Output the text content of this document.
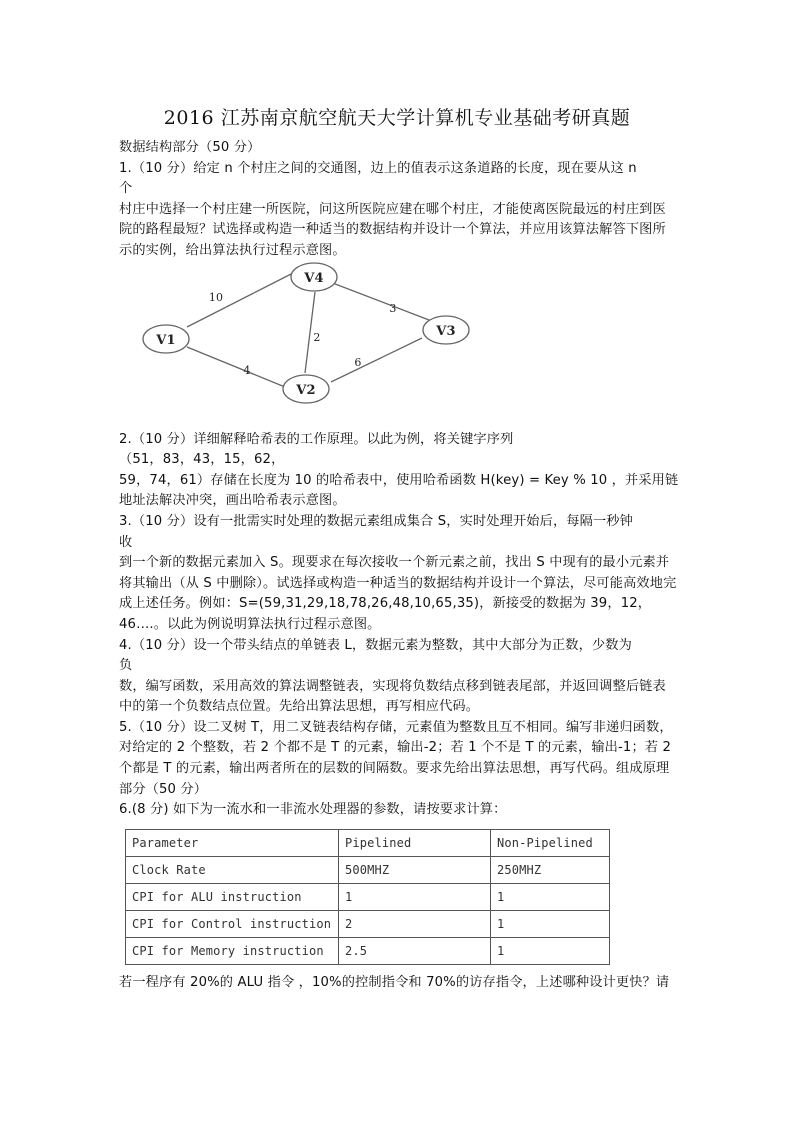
2016 江苏南京航空航天大学计算机专业基础考研真题

数据结构部分（50 分）

1.（10 分）给定 n 个村庄之间的交通图，边上的值表示这条道路的长度，现在要从这 n

个

村庄中选择一个村庄建一所医院，问这所医院应建在哪个村庄，才能使离医院最远的村庄到医院的路程最短？试选择或构造一种适当的数据结构并设计一个算法，并应用该算法解答下图所示的实例，给出算法执行过程示意图。

V4
V1
V3
V2
10
3
2
4
6

2.（10 分）详细解释哈希表的工作原理。以此为例，将关键字序列

（51，83，43，15，62，

59，74，61）存储在长度为 10 的哈希表中，使用哈希函数 H(key) = Key % 10 ，并采用链地址法解决冲突，画出哈希表示意图。

3.（10 分）设有一批需实时处理的数据元素组成集合 S，实时处理开始后，每隔一秒钟

收

到一个新的数据元素加入 S。现要求在每次接收一个新元素之前，找出 S 中现有的最小元素并将其输出（从 S 中删除）。试选择或构造一种适当的数据结构并设计一个算法，尽可能高效地完成上述任务。例如：S=(59,31,29,18,78,26,48,10,65,35)，新接受的数据为 39，12，46….。以此为例说明算法执行过程示意图。

4.（10 分）设一个带头结点的单链表 L，数据元素为整数，其中大部分为正数，少数为

负

数，编写函数，采用高效的算法调整链表，实现将负数结点移到链表尾部，并返回调整后链表中的第一个负数结点位置。先给出算法思想，再写相应代码。

5.（10 分）设二叉树 T，用二叉链表结构存储，元素值为整数且互不相同。编写非递归函数，对给定的 2 个整数，若 2 个都不是 T 的元素，输出-2；若 1 个不是 T 的元素，输出-1；若 2 个都是 T 的元素，输出两者所在的层数的间隔数。要求先给出算法思想，再写代码。组成原理部分（50 分）

6.(8 分) 如下为一流水和一非流水处理器的参数，请按要求计算：

Parameter	Pipelined	Non-Pipelined
Clock Rate	500MHZ	250MHZ
CPI for ALU instruction	1	1
CPI for Control instruction	2	1
CPI for Memory instruction	2.5	1

若一程序有 20%的 ALU 指令 ，10%的控制指令和 70%的访存指令，上述哪种设计更快？请
